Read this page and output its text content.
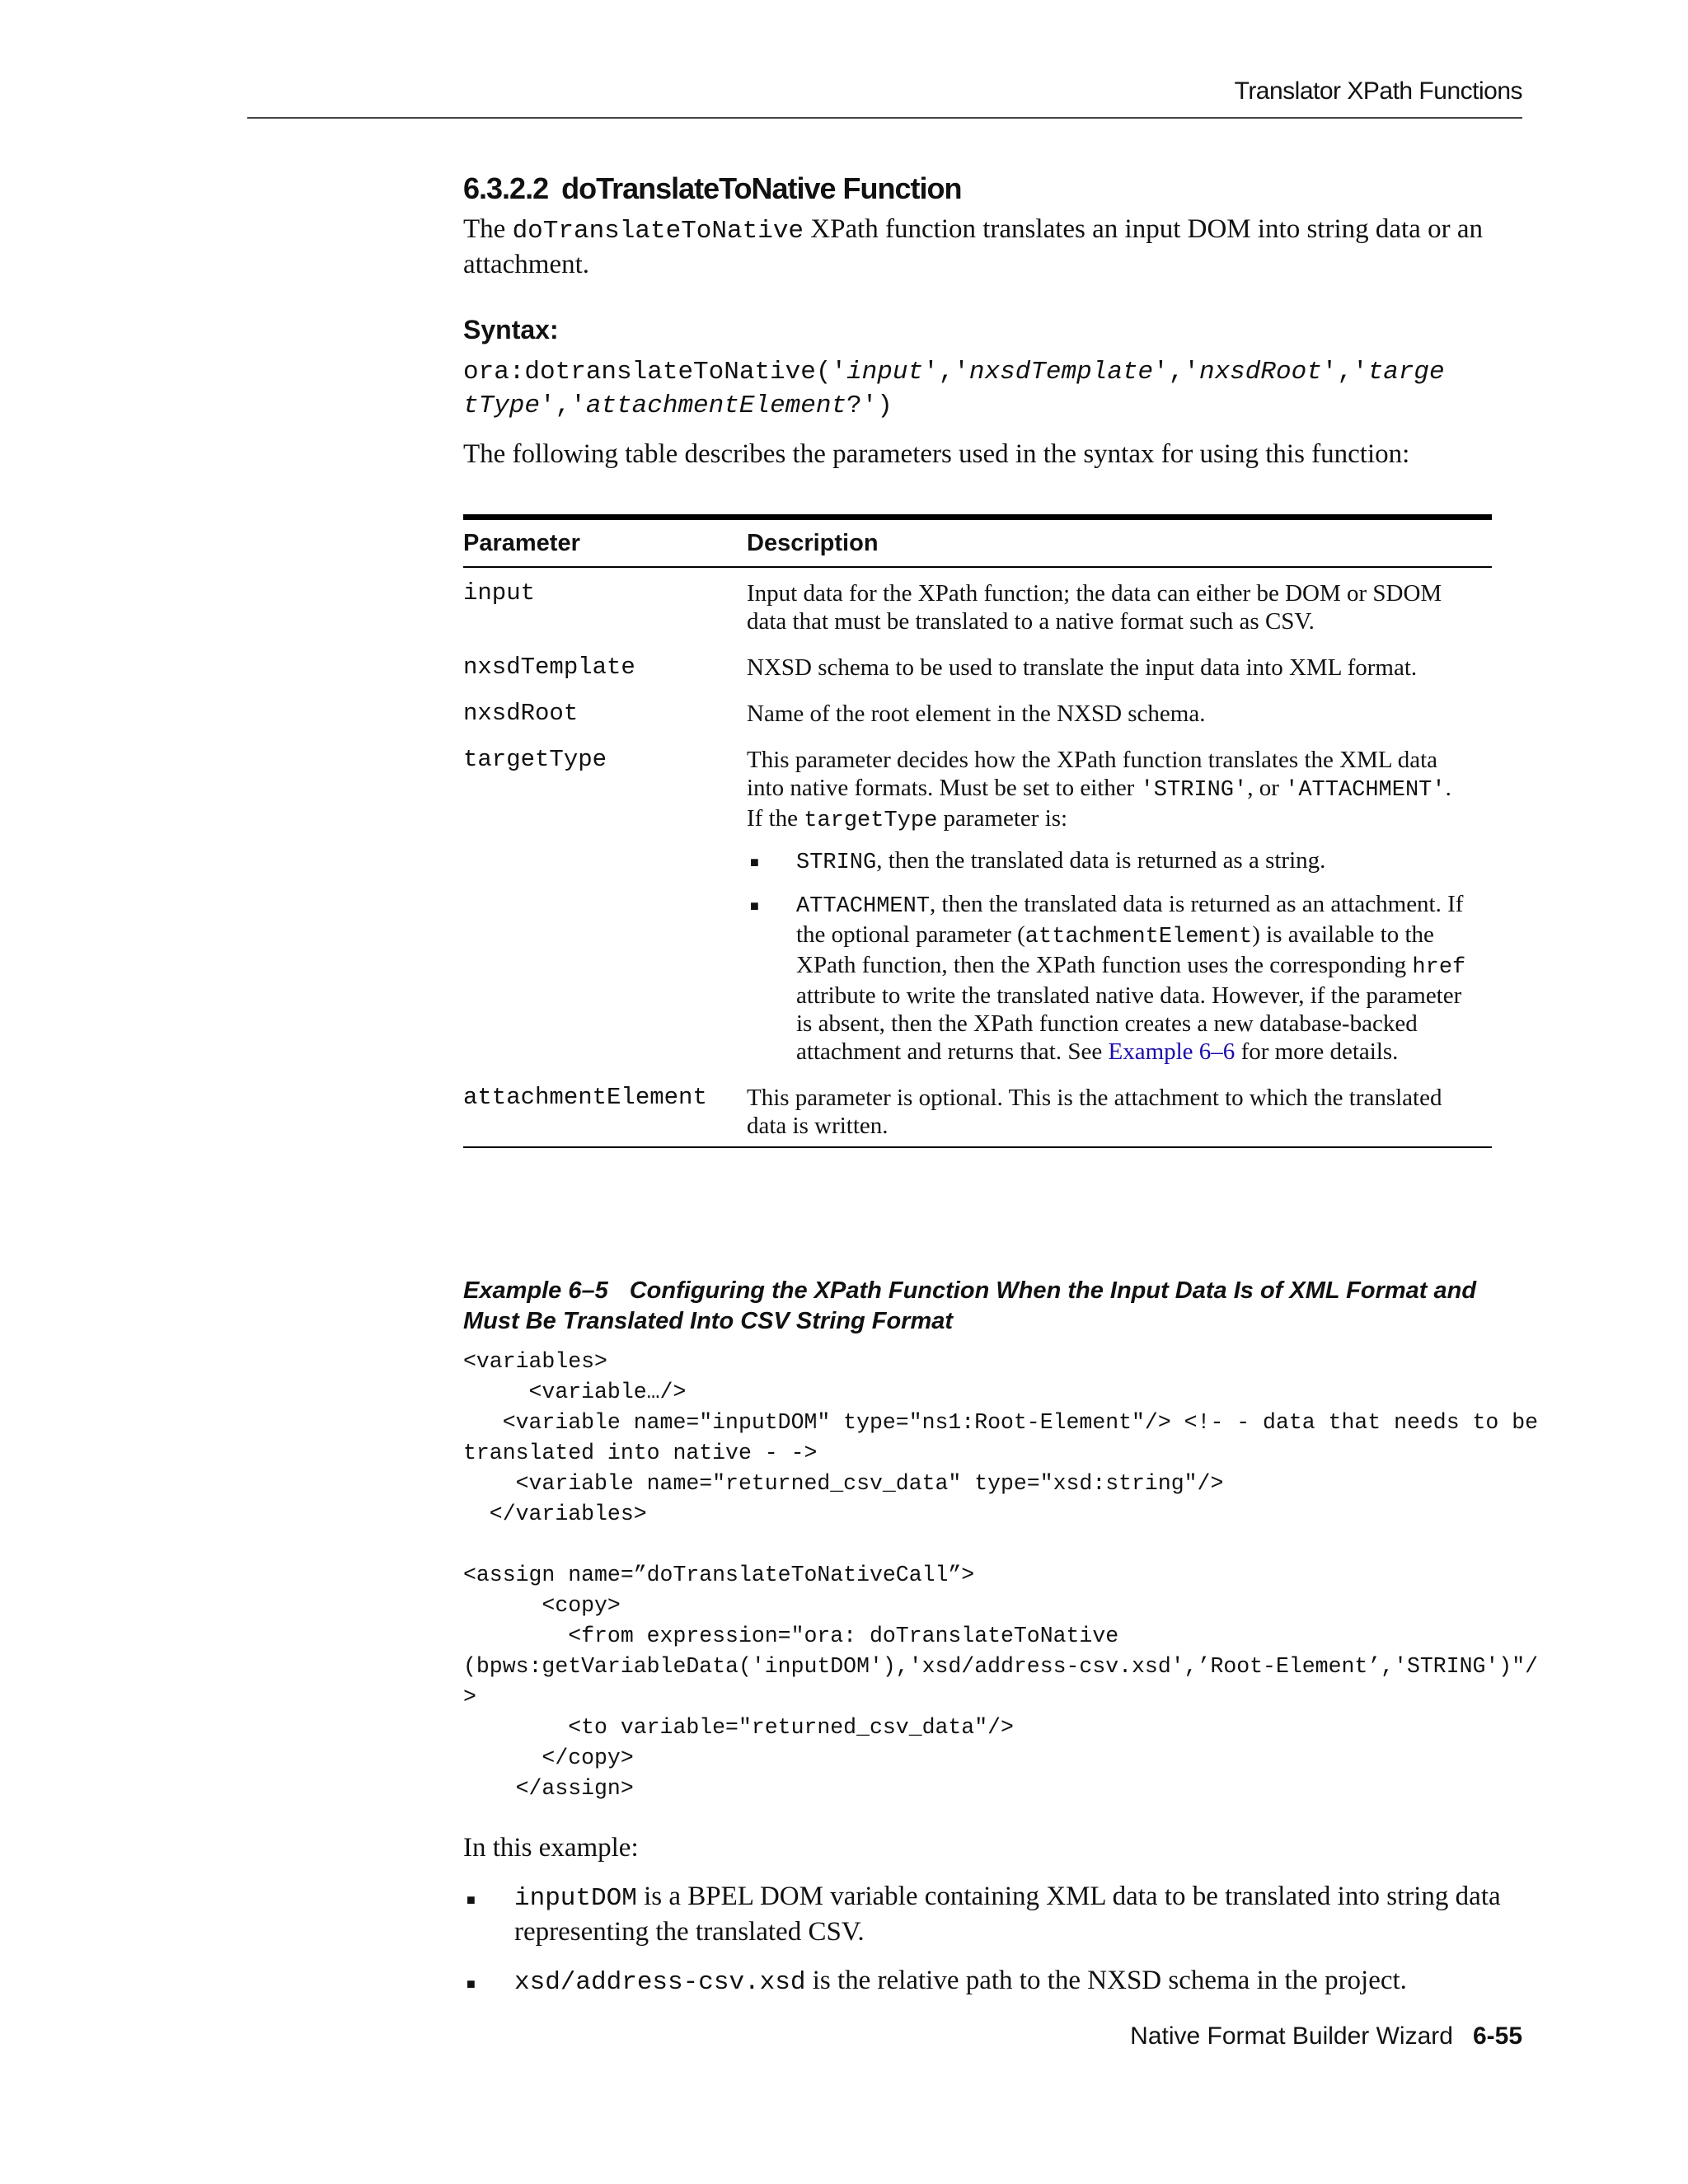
Translator XPath Functions
6.3.2.2 doTranslateToNative Function

The doTranslateToNative XPath function translates an input DOM into string data or an attachment.

Syntax:
ora:dotranslateToNative('input','nxsdTemplate','nxsdRoot','targe
tType','attachmentElement?')

The following table describes the parameters used in the syntax for using this function:

Parameter	Description
input	Input data for the XPath function; the data can either be DOM or SDOM data that must be translated to a native format such as CSV.
nxsdTemplate	NXSD schema to be used to translate the input data into XML format.
nxsdRoot	Name of the root element in the NXSD schema.
targetType	This parameter decides how the XPath function translates the XML data into native formats. Must be set to either 'STRING', or 'ATTACHMENT'. If the targetType parameter is:
■ STRING, then the translated data is returned as a string.
■ ATTACHMENT, then the translated data is returned as an attachment. If the optional parameter (attachmentElement) is available to the XPath function, then the XPath function uses the corresponding href attribute to write the translated native data. However, if the parameter is absent, then the XPath function creates a new database-backed attachment and returns that. See Example 6–6 for more details.
attachmentElement	This parameter is optional. This is the attachment to which the translated data is written.
Example 6–5 Configuring the XPath Function When the Input Data Is of XML Format and Must Be Translated Into CSV String Format
<variables>
<variable…/>
<variable name="inputDOM" type="ns1:Root-Element"/> <!- - data that needs to be
translated into native - ->
<variable name="returned_csv_data" type="xsd:string"/>
</variables>

<assign name=”doTranslateToNativeCall”>
<copy>
<from expression="ora: doTranslateToNative
(bpws:getVariableData('inputDOM'),'xsd/address-csv.xsd',’Root-Element’,'STRING')"/
>
<to variable="returned_csv_data"/>
</copy>
</assign>

In this example:

■ inputDOM is a BPEL DOM variable containing XML data to be translated into string data representing the translated CSV.
■ xsd/address-csv.xsd is the relative path to the NXSD schema in the project.
Native Format Builder Wizard 6-55
